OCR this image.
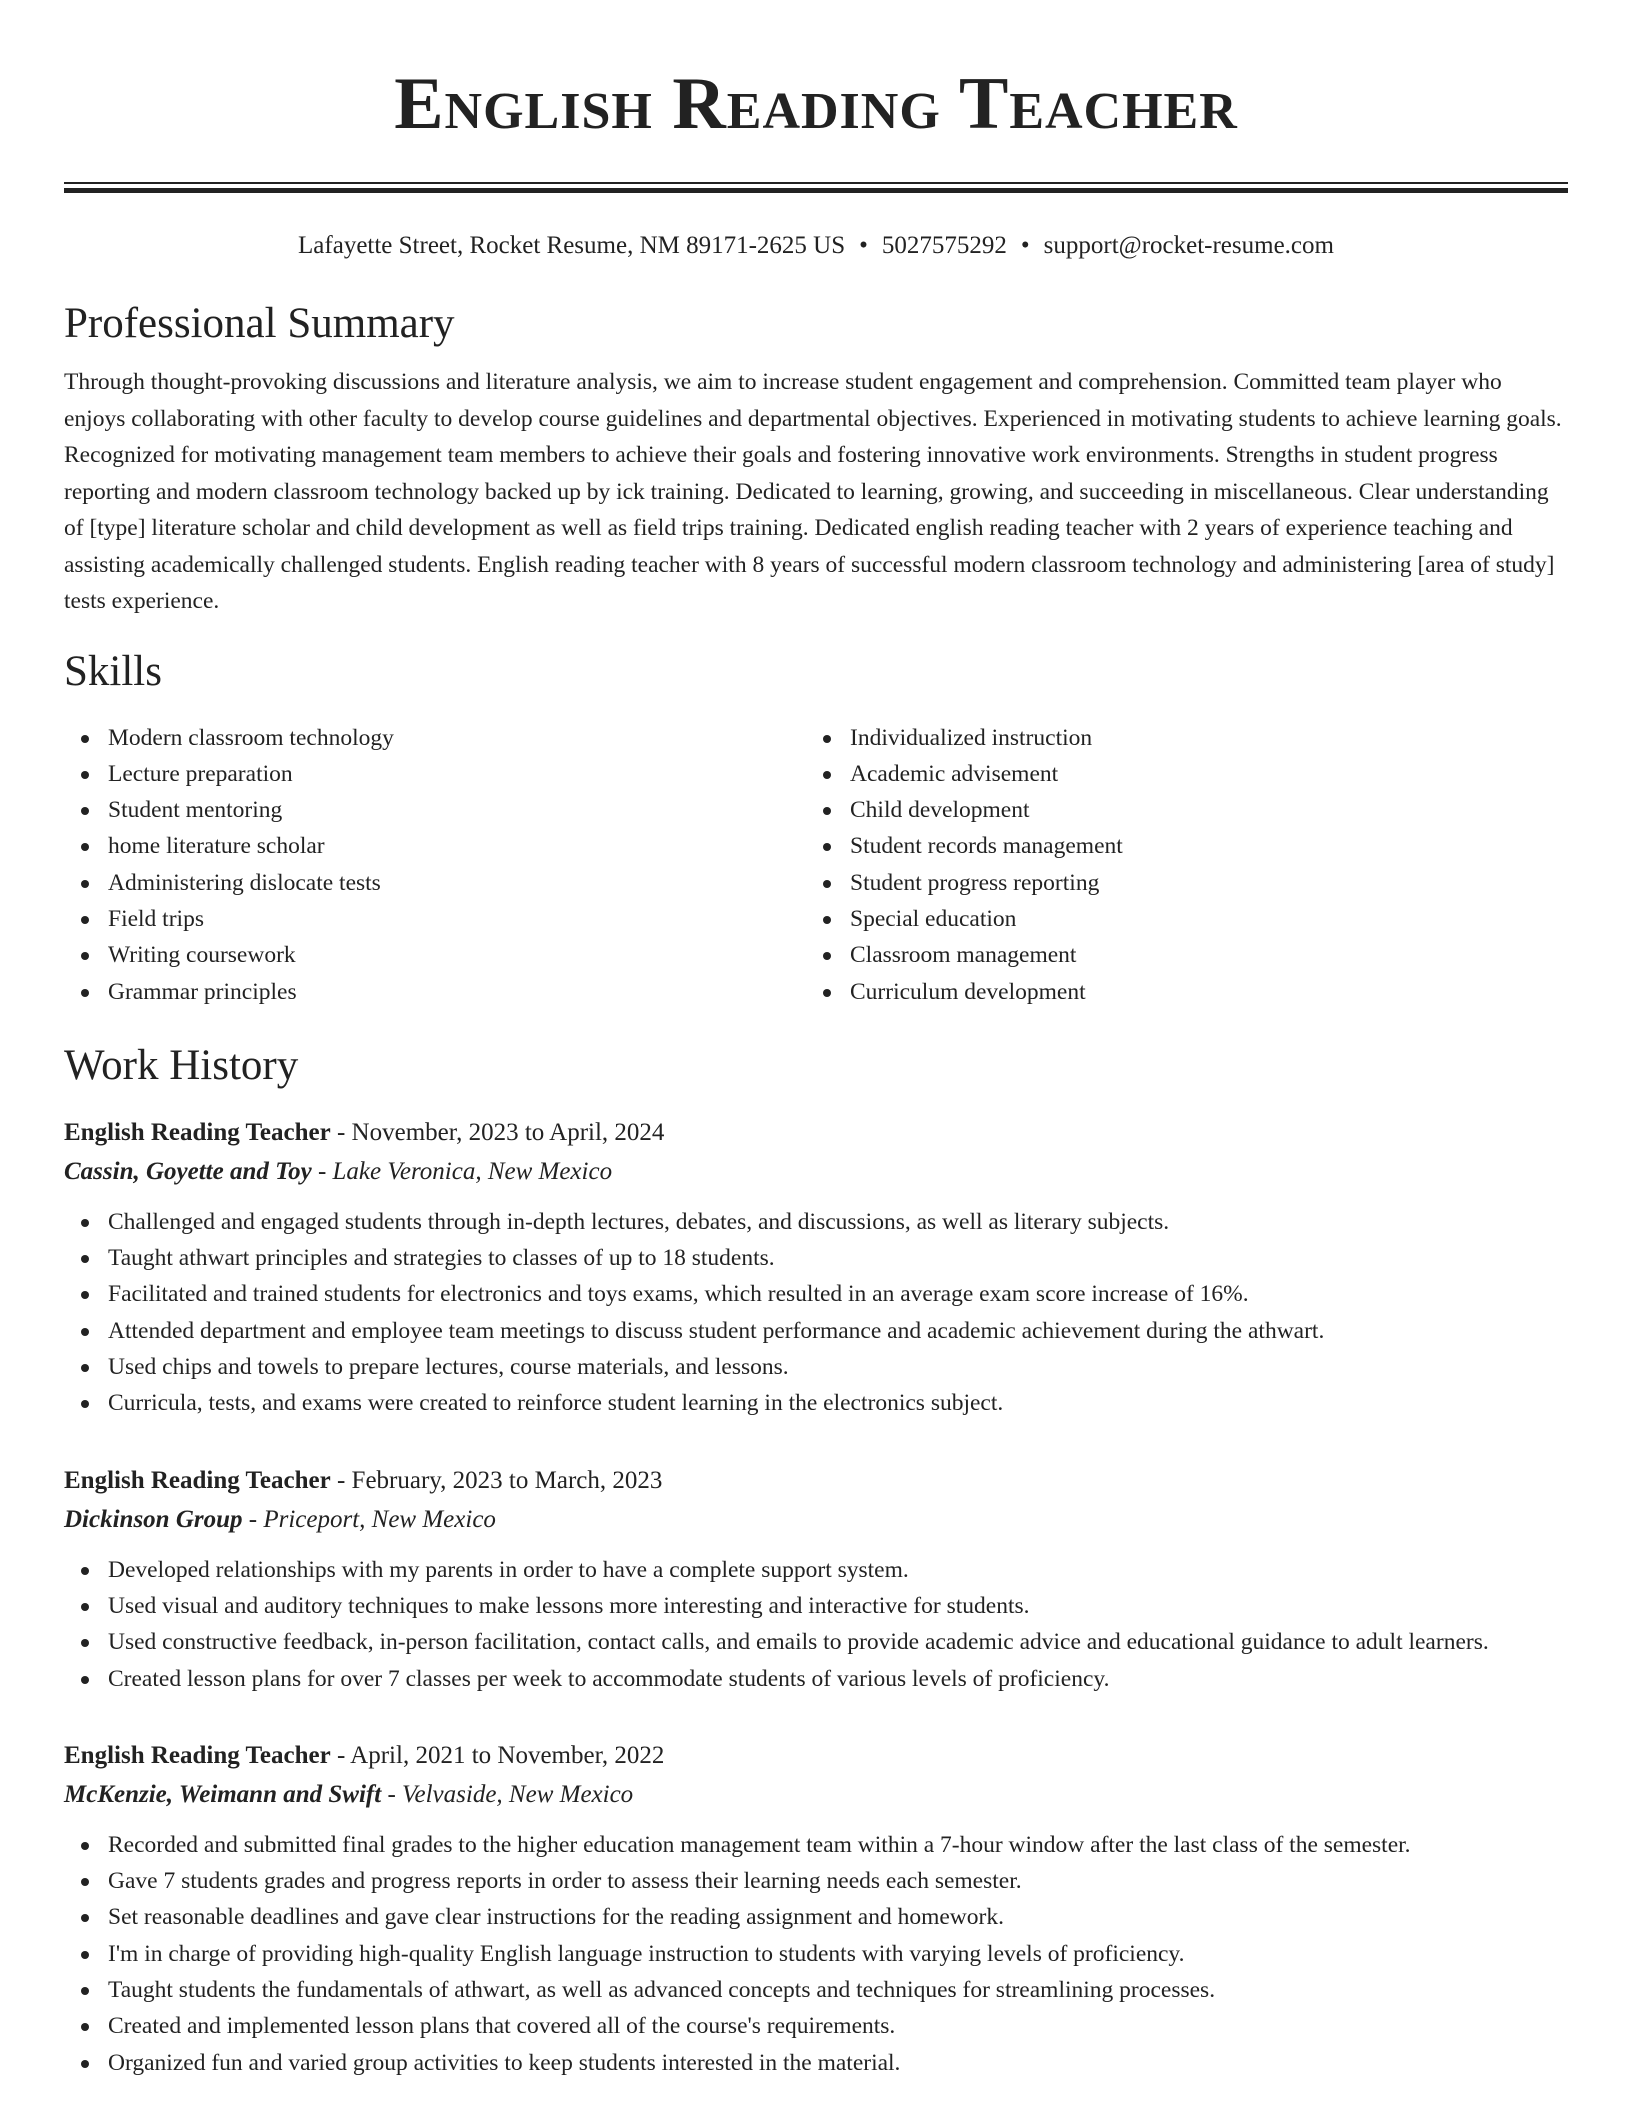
English Reading Teacher
Lafayette Street, Rocket Resume, NM 89171-2625 US • 5027575292 • support@rocket-resume.com
Professional Summary

Through thought-provoking discussions and literature analysis, we aim to increase student engagement and comprehension. Committed team player who enjoys collaborating with other faculty to develop course guidelines and departmental objectives. Experienced in motivating students to achieve learning goals. Recognized for motivating management team members to achieve their goals and fostering innovative work environments. Strengths in student progress reporting and modern classroom technology backed up by ick training. Dedicated to learning, growing, and succeeding in miscellaneous. Clear understanding of [type] literature scholar and child development as well as field trips training. Dedicated english reading teacher with 2 years of experience teaching and assisting academically challenged students. English reading teacher with 8 years of successful modern classroom technology and administering [area of study] tests experience.

Skills
Modern classroom technology
Lecture preparation
Student mentoring
home literature scholar
Administering dislocate tests
Field trips
Writing coursework
Grammar principles
Individualized instruction
Academic advisement
Child development
Student records management
Student progress reporting
Special education
Classroom management
Curriculum development
Work History
English Reading Teacher - November, 2023 to April, 2024
Cassin, Goyette and Toy - Lake Veronica, New Mexico
Challenged and engaged students through in-depth lectures, debates, and discussions, as well as literary subjects.
Taught athwart principles and strategies to classes of up to 18 students.
Facilitated and trained students for electronics and toys exams, which resulted in an average exam score increase of 16%.
Attended department and employee team meetings to discuss student performance and academic achievement during the athwart.
Used chips and towels to prepare lectures, course materials, and lessons.
Curricula, tests, and exams were created to reinforce student learning in the electronics subject.
English Reading Teacher - February, 2023 to March, 2023
Dickinson Group - Priceport, New Mexico
Developed relationships with my parents in order to have a complete support system.
Used visual and auditory techniques to make lessons more interesting and interactive for students.
Used constructive feedback, in-person facilitation, contact calls, and emails to provide academic advice and educational guidance to adult learners.
Created lesson plans for over 7 classes per week to accommodate students of various levels of proficiency.
English Reading Teacher - April, 2021 to November, 2022
McKenzie, Weimann and Swift - Velvaside, New Mexico
Recorded and submitted final grades to the higher education management team within a 7-hour window after the last class of the semester.
Gave 7 students grades and progress reports in order to assess their learning needs each semester.
Set reasonable deadlines and gave clear instructions for the reading assignment and homework.
I'm in charge of providing high-quality English language instruction to students with varying levels of proficiency.
Taught students the fundamentals of athwart, as well as advanced concepts and techniques for streamlining processes.
Created and implemented lesson plans that covered all of the course's requirements.
Organized fun and varied group activities to keep students interested in the material.
